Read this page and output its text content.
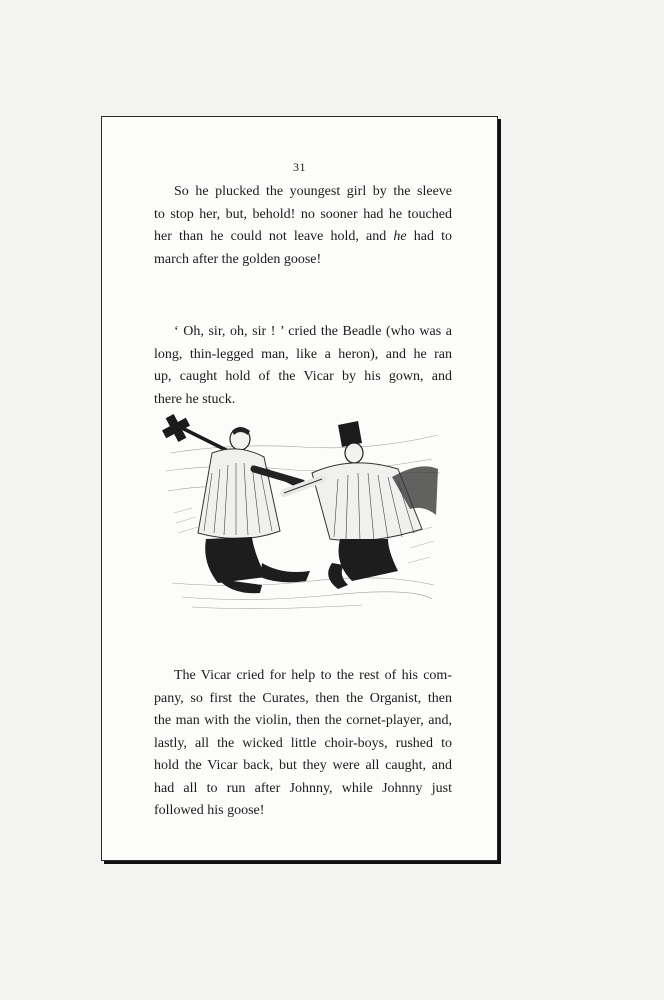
31

So he plucked the youngest girl by the sleeve
to stop her, but, behold! no sooner had he touched
her than he could not leave hold, and he had to
march after the golden goose!

‘ Oh, sir, oh, sir ! ’ cried the Beadle (who was a
long, thin-legged man, like a heron), and he ran
up, caught hold of the Vicar by his gown, and
there he stuck.

The Vicar cried for help to the rest of his com-
pany, so first the Curates, then the Organist, then
the man with the violin, then the cornet-player, and,
lastly, all the wicked little choir-boys, rushed to
hold the Vicar back, but they were all caught, and
had all to run after Johnny, while Johnny just
followed his goose!
